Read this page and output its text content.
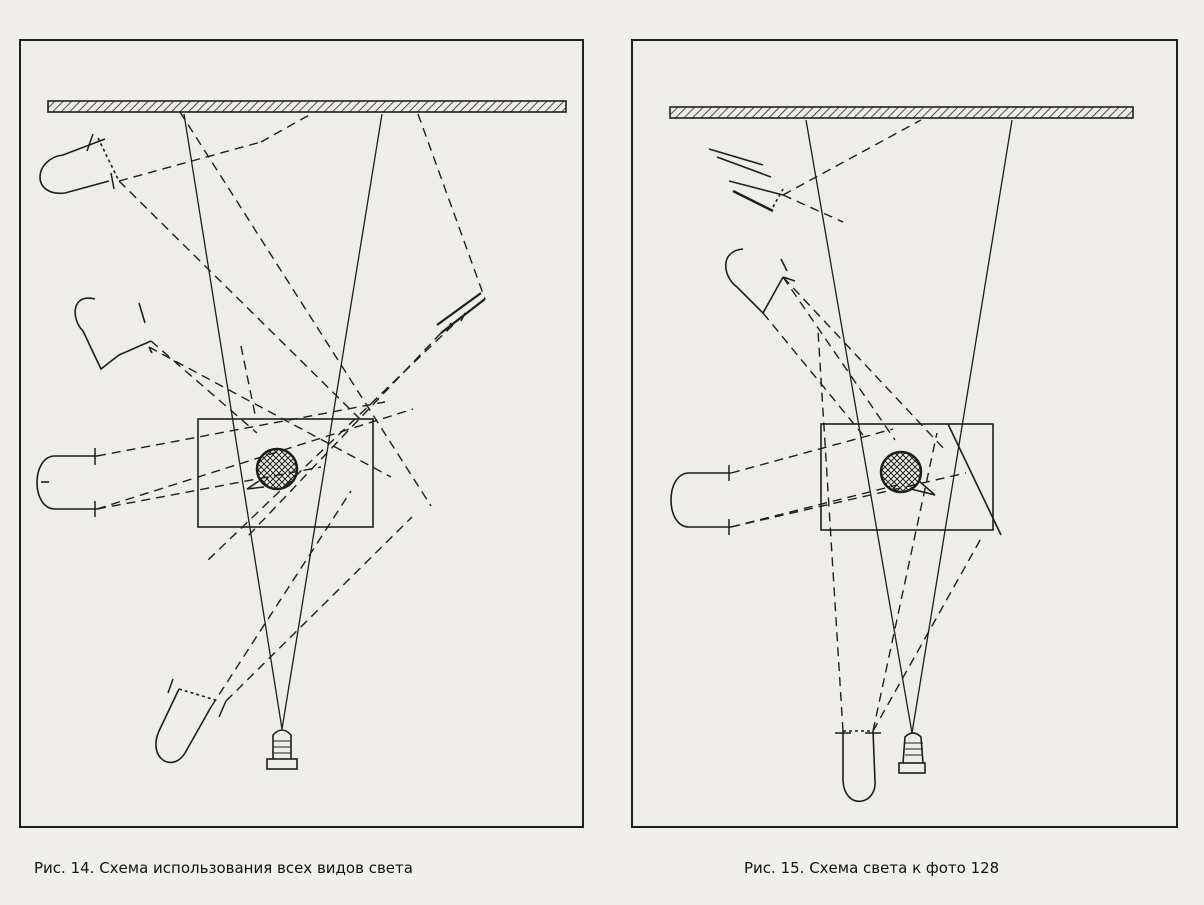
Рис. 14. Схема использования всех видов света	Рис. 15. Схема света к фото 128
